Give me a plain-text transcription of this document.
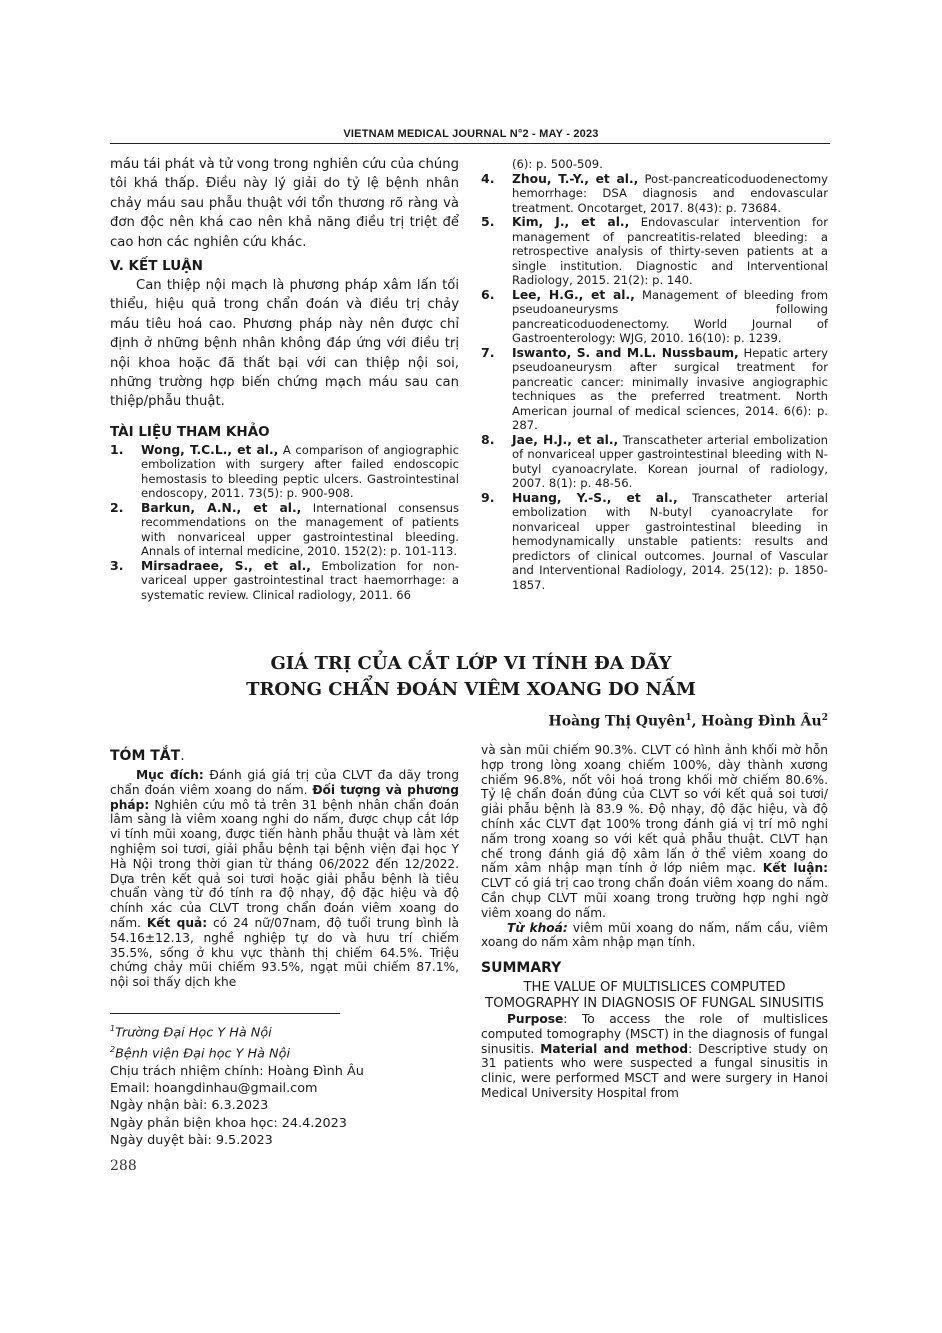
VIETNAM MEDICAL JOURNAL N°2 - MAY - 2023

máu tái phát và tử vong trong nghiên cứu của chúng tôi khá thấp. Điều này lý giải do tỷ lệ bệnh nhân chảy máu sau phẫu thuật với tổn thương rõ ràng và đơn độc nên khá cao nên khả năng điều trị triệt để cao hơn các nghiên cứu khác.

V. KẾT LUẬN

Can thiệp nội mạch là phương pháp xâm lấn tối thiểu, hiệu quả trong chẩn đoán và điều trị chảy máu tiêu hoá cao. Phương pháp này nên được chỉ định ở những bệnh nhân không đáp ứng với điều trị nội khoa hoặc đã thất bại với can thiệp nội soi, những trường hợp biến chứng mạch máu sau can thiệp/phẫu thuật.

TÀI LIỆU THAM KHẢO

1. Wong, T.C.L., et al., A comparison of angiographic embolization with surgery after failed endoscopic hemostasis to bleeding peptic ulcers. Gastrointestinal endoscopy, 2011. 73(5): p. 900-908.
2. Barkun, A.N., et al., International consensus recommendations on the management of patients with nonvariceal upper gastrointestinal bleeding. Annals of internal medicine, 2010. 152(2): p. 101-113.
3. Mirsadraee, S., et al., Embolization for non-variceal upper gastrointestinal tract haemorrhage: a systematic review. Clinical radiology, 2011. 66
(6): p. 500-509.
4. Zhou, T.-Y., et al., Post-pancreaticoduodenectomy hemorrhage: DSA diagnosis and endovascular treatment. Oncotarget, 2017. 8(43): p. 73684.
5. Kim, J., et al., Endovascular intervention for management of pancreatitis-related bleeding: a retrospective analysis of thirty-seven patients at a single institution. Diagnostic and Interventional Radiology, 2015. 21(2): p. 140.
6. Lee, H.G., et al., Management of bleeding from pseudoaneurysms following pancreaticoduodenectomy. World Journal of Gastroenterology: WJG, 2010. 16(10): p. 1239.
7. Iswanto, S. and M.L. Nussbaum, Hepatic artery pseudoaneurysm after surgical treatment for pancreatic cancer: minimally invasive angiographic techniques as the preferred treatment. North American journal of medical sciences, 2014. 6(6): p. 287.
8. Jae, H.J., et al., Transcatheter arterial embolization of nonvariceal upper gastrointestinal bleeding with N-butyl cyanoacrylate. Korean journal of radiology, 2007. 8(1): p. 48-56.
9. Huang, Y.-S., et al., Transcatheter arterial embolization with N-butyl cyanoacrylate for nonvariceal upper gastrointestinal bleeding in hemodynamically unstable patients: results and predictors of clinical outcomes. Journal of Vascular and Interventional Radiology, 2014. 25(12): p. 1850-1857.
GIÁ TRỊ CỦA CẮT LỚP VI TÍNH ĐA DÃY
TRONG CHẨN ĐOÁN VIÊM XOANG DO NẤM
Hoàng Thị Quyên$^1$, Hoàng Đình $Âu^2$

TÓM TẮT.

Mục đích: Đánh giá giá trị của CLVT đa dãy trong chẩn đoán viêm xoang do nấm. Đối tượng và phương pháp: Nghiên cứu mô tả trên 31 bệnh nhân chẩn đoán lâm sàng là viêm xoang nghi do nấm, được chụp cắt lớp vi tính mũi xoang, được tiến hành phẫu thuật và làm xét nghiệm soi tươi, giải phẫu bệnh tại bệnh viện đại học Y Hà Nội trong thời gian từ tháng 06/2022 đến 12/2022. Dựa trên kết quả soi tươi hoặc giải phẫu bệnh là tiêu chuẩn vàng từ đó tính ra độ nhạy, độ đặc hiệu và độ chính xác của CLVT trong chẩn đoán viêm xoang do nấm. Kết quả: có 24 nữ/07nam, độ tuổi trung bình là 54.16±12.13, nghề nghiệp tự do và hưu trí chiếm 35.5%, sống ở khu vực thành thị chiếm 64.5%. Triệu chứng chảy mũi chiếm 93.5%, ngạt mũi chiếm 87.1%, nội soi thấy dịch khe

$^1$Trường Đại Học Y Hà Nội

$^2$Bệnh viện Đại học Y Hà Nội

Chịu trách nhiệm chính: Hoàng Đình Âu

Email: hoangdinhau@gmail.com

Ngày nhận bài: 6.3.2023

Ngày phản biện khoa học: 24.4.2023

Ngày duyệt bài: 9.5.2023

và sàn mũi chiếm 90.3%. CLVT có hình ảnh khối mờ hỗn hợp trong lòng xoang chiếm 100%, dày thành xương chiếm 96.8%, nốt vôi hoá trong khối mờ chiếm 80.6%. Tỷ lệ chẩn đoán đúng của CLVT so với kết quả soi tươi/ giải phẫu bệnh là 83.9 %. Độ nhạy, độ đặc hiệu, và độ chính xác CLVT đạt 100% trong đánh giá vị trí mô nghi nấm trong xoang so với kết quả phẫu thuật. CLVT hạn chế trong đánh giá độ xâm lấn ở thể viêm xoang do nấm xâm nhập mạn tính ở lớp niêm mạc. Kết luận: CLVT có giá trị cao trong chẩn đoán viêm xoang do nấm. Cần chụp CLVT mũi xoang trong trường hợp nghi ngờ viêm xoang do nấm.

Từ khoá: viêm mũi xoang do nấm, nấm cầu, viêm xoang do nấm xâm nhập mạn tính.

SUMMARY

THE VALUE OF MULTISLICES COMPUTED TOMOGRAPHY IN DIAGNOSIS OF FUNGAL SINUSITIS

Purpose: To access the role of multislices computed tomography (MSCT) in the diagnosis of fungal sinusitis. Material and method: Descriptive study on 31 patients who were suspected a fungal sinusitis in clinic, were performed MSCT and were surgery in Hanoi Medical University Hospital from

288
